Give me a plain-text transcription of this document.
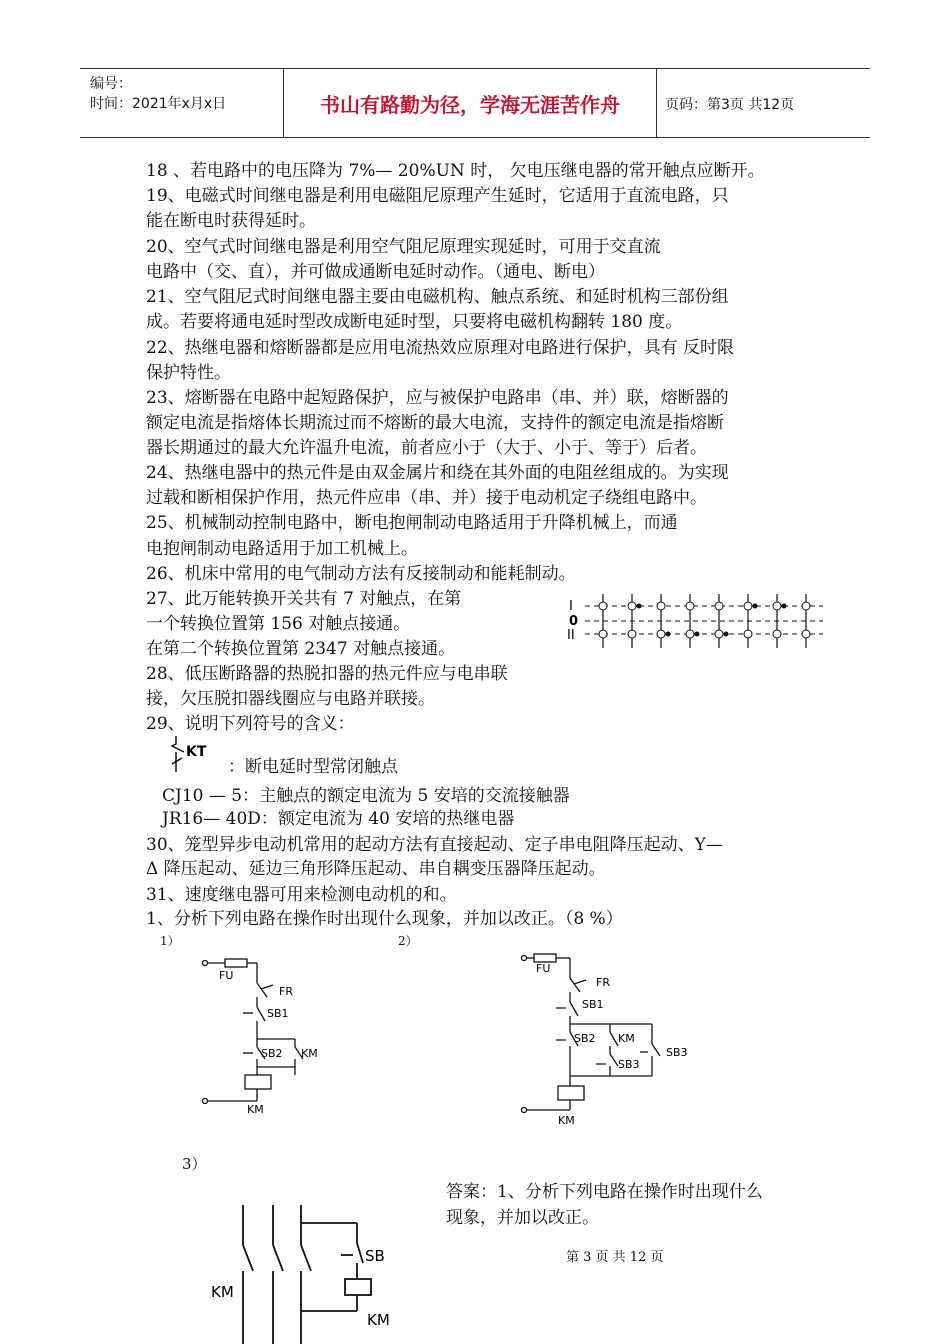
编号：
时间：2021年x月x日	书山有路勤为径，学海无涯苦作舟	页码：第3页 共12页
18 、若电路中的电压降为 7%— 20%UN 时， 欠电压继电器的常开触点应断开。
19、电磁式时间继电器是利用电磁阻尼原理产生延时，它适用于直流电路，只
能在断电时获得延时。
20、空气式时间继电器是利用空气阻尼原理实现延时，可用于交直流
电路中（交、直），并可做成通断电延时动作。（通电、断电）
21、空气阻尼式时间继电器主要由电磁机构、触点系统、和延时机构三部份组
成。若要将通电延时型改成断电延时型，只要将电磁机构翻转 180 度。
22、热继电器和熔断器都是应用电流热效应原理对电路进行保护，具有 反时限
保护特性。
23、熔断器在电路中起短路保护，应与被保护电路串（串、并）联，熔断器的
额定电流是指熔体长期流过而不熔断的最大电流，支持件的额定电流是指熔断
器长期通过的最大允许温升电流，前者应小于（大于、小于、等于）后者。
24、热继电器中的热元件是由双金属片和绕在其外面的电阻丝组成的。为实现
过载和断相保护作用，热元件应串（串、并）接于电动机定子绕组电路中。
25、机械制动控制电路中，断电抱闸制动电路适用于升降机械上，而通
电抱闸制动电路适用于加工机械上。
26、机床中常用的电气制动方法有反接制动和能耗制动。
27、此万能转换开关共有 7 对触点，在第
一个转换位置第 156 对触点接通。
在第二个转换位置第 2347 对触点接通。
28、低压断路器的热脱扣器的热元件应与电串联
接，欠压脱扣器线圈应与电路并联接。
29、说明下列符号的含义：
KT
：断电延时型常闭触点
CJ10 — 5：主触点的额定电流为 5 安培的交流接触器
JR16— 40D：额定电流为 40 安培的热继电器
30、笼型异步电动机常用的起动方法有直接起动、定子串电阻降压起动、Y—
Δ 降压起动、延边三角形降压起动、串自耦变压器降压起动。
31、速度继电器可用来检测电动机的和。
1、分析下列电路在操作时出现什么现象，并加以改正。（8 %）
I
0
II
1）	2）
3）
FU
FR
SB1
SB2 KM
KM
FU
FR
SB1
SB2 KM
SB3
SB3
KM
SB
KM
KM
答案：1、分析下列电路在操作时出现什么
现象，并加以改正。
第 3 页 共 12 页
